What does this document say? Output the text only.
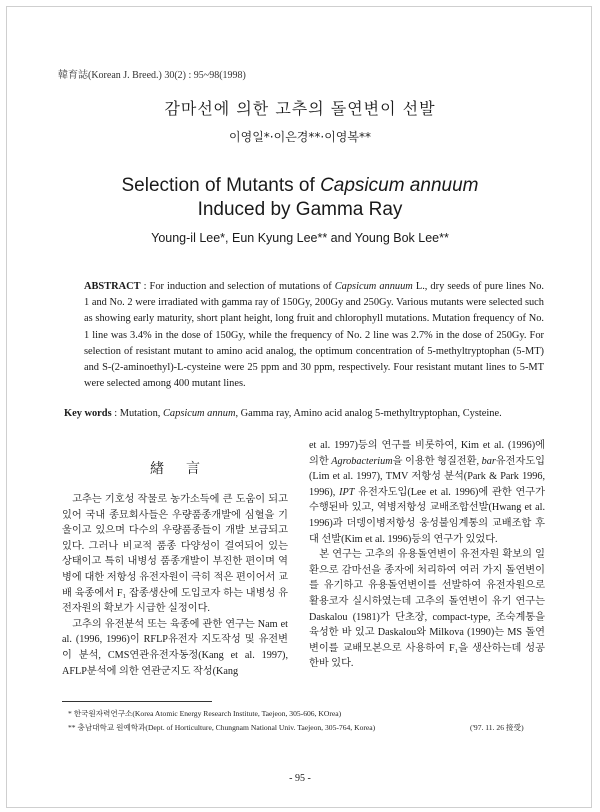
韓育誌(Korean J. Breed.) 30(2) : 95~98(1998)
감마선에 의한 고추의 돌연변이 선발
이영일*·이은경**·이영복**
Selection of Mutants of Capsicum annuum
Induced by Gamma Ray
Young-il Lee*, Eun Kyung Lee** and Young Bok Lee**
ABSTRACT : For induction and selection of mutations of Capsicum annuum L., dry seeds of pure lines No. 1 and No. 2 were irradiated with gamma ray of 150Gy, 200Gy and 250Gy. Various mutants were selected such as showing early maturity, short plant height, long fruit and chlorophyll mutations. Mutation frequency of No. 1 line was 3.4% in the dose of 150Gy, while the frequency of No. 2 line was 2.7% in the dose of 250Gy. For selection of resistant mutant to amino acid analog, the optimum concentration of 5-methyltryptophan (5-MT) and S-(2-aminoethyl)-L-cysteine were 25 ppm and 30 ppm, respectively. Four resistant mutant lines to 5-MT were selected among 400 mutant lines.
Key words : Mutation, Capsicum annum, Gamma ray, Amino acid analog 5-methyltryptophan, Cysteine.
緖言

고추는 기호성 작물로 농가소득에 큰 도움이 되고 있어 국내 종묘회사들은 우량품종개발에 심혈을 기울이고 있으며 다수의 우량품종들이 개발 보급되고 있다. 그러나 비교적 품종 다양성이 결여되어 있는 상태이고 특히 내병성 품종개발이 부진한 편이며 역병에 대한 저항성 유전자원이 극히 적은 편이어서 교배 육종에서 F₁ 잡종생산에 도입코자 하는 내병성 유전자원의 확보가 시급한 실정이다.

고추의 유전분석 또는 육종에 관한 연구는 Nam et al. (1996, 1996)이 RFLP유전자 지도작성 및 유전변이 분석, CMS연관유전자동정(Kang et al. 1997), AFLP분석에 의한 연관군지도 작성(Kang

et al. 1997)등의 연구를 비롯하여, Kim et al. (1996)에 의한 Agrobacterium을 이용한 형질전환, bar유전자도입(Lim et al. 1997), TMV 저항성 분석(Park & Park 1996, 1996), IPT 유전자도입(Lee et al. 1996)에 관한 연구가 수행된바 있고, 역병저항성 교배조합선발(Hwang et al. 1996)과 더뎅이병저항성 웅성불임계통의 교배조합 후대 선발(Kim et al. 1996)등의 연구가 있었다.

본 연구는 고추의 유용돌연변이 유전자원 확보의 일환으로 감마선을 종자에 처리하여 여러 가지 돌연변이를 유기하고 유용돌연변이를 선발하여 유전자원으로 활용코자 실시하였는데 고추의 돌연변이 유기 연구는 Daskalou (1981)가 단초장, compact-type, 조숙계통을 육성한 바 있고 Daskalou와 Milkova (1990)는 MS 돌연변이를 교배모본으로 사용하여 F₁을 생산하는데 성공한바 있다.

* 한국원자력연구소(Korea Atomic Energy Research Institute, Taejeon, 305-606, KOrea)
** 충남대학교 원예학과(Dept. of Horticulture, Chungnam National Univ. Taejeon, 305-764, Korea)	('97. 11. 26 接受)
- 95 -
